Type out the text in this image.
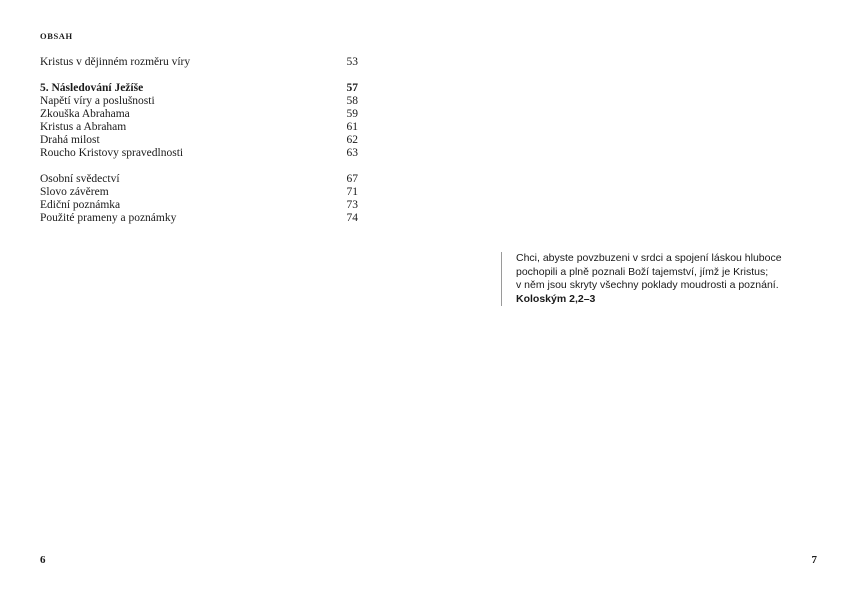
OBSAH
Kristus v dějinném rozměru víry	53
5. Následování Ježíše	57
Napětí víry a poslušnosti	58
Zkouška Abrahama	59
Kristus a Abraham	61
Drahá milost	62
Roucho Kristovy spravedlnosti	63
Osobní svědectví	67
Slovo závěrem	71
Ediční poznámka	73
Použité prameny a poznámky	74
6
Chci, abyste povzbuzeni v srdci a spojení láskou hluboce
pochopili a plně poznali Boží tajemství, jímž je Kristus;
v něm jsou skryty všechny poklady moudrosti a poznání.
Koloským 2,2–3
7
